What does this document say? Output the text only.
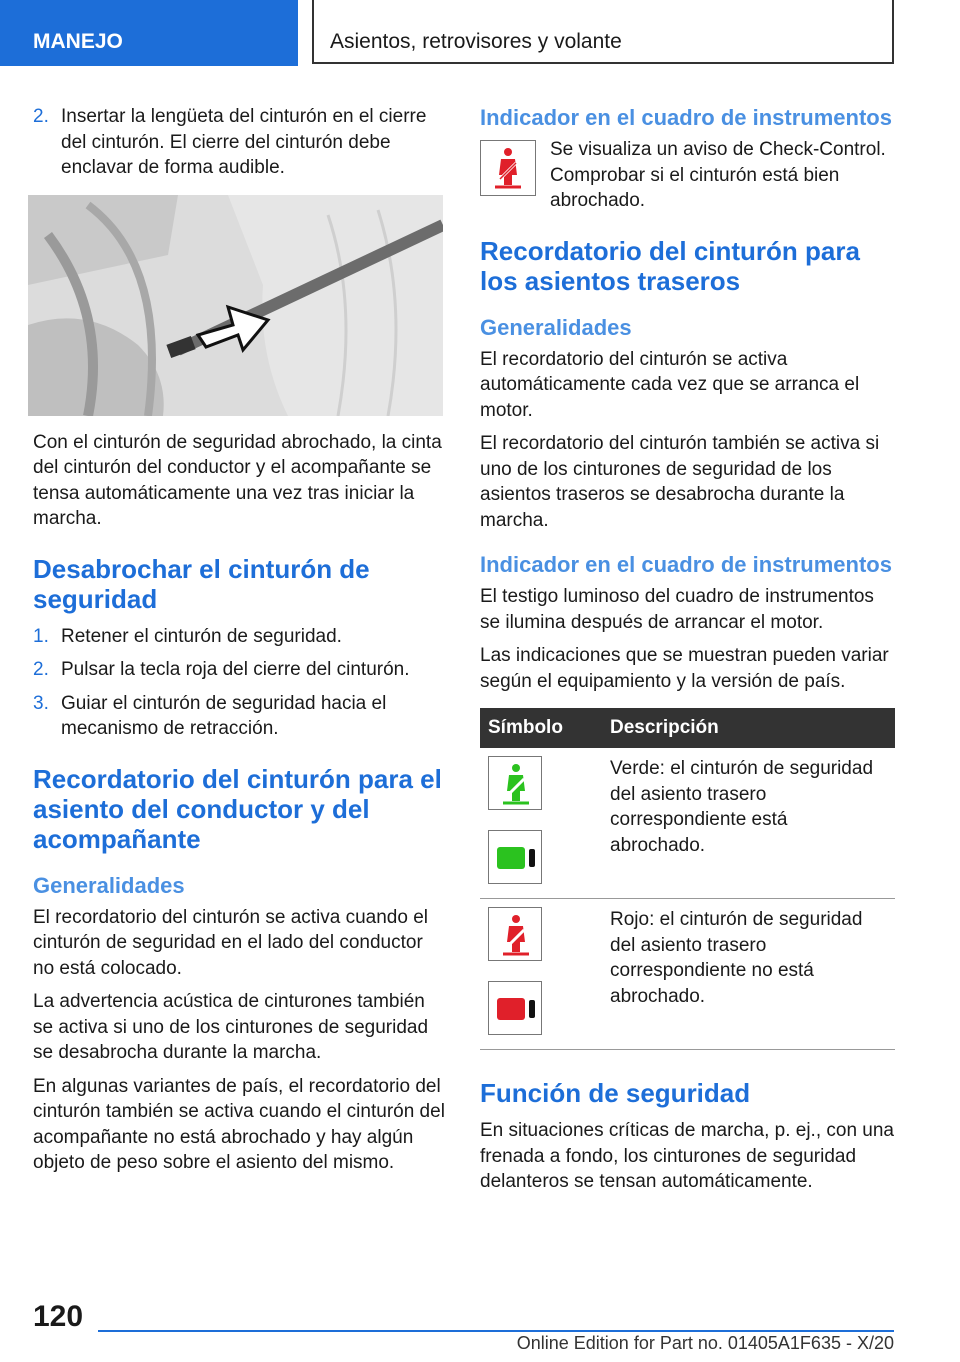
MANEJO	Asientos, retrovisores y volante
2. Insertar la lengüeta del cinturón en el cierre del cinturón. El cierre del cinturón debe enclavar de forma audible.

Con el cinturón de seguridad abrochado, la cinta del cinturón del conductor y el acompañante se tensa automáticamente una vez tras iniciar la marcha.

Desabrochar el cinturón de seguridad
1. Retener el cinturón de seguridad.
2. Pulsar la tecla roja del cierre del cinturón.
3. Guiar el cinturón de seguridad hacia el mecanismo de retracción.
Recordatorio del cinturón para el asiento del conductor y del acompañante
Generalidades

El recordatorio del cinturón se activa cuando el cinturón de seguridad en el lado del conductor no está colocado.

La advertencia acústica de cinturones también se activa si uno de los cinturones de seguridad se desabrocha durante la marcha.

En algunas variantes de país, el recordatorio del cinturón también se activa cuando el cinturón del acompañante no está abrochado y hay algún objeto de peso sobre el asiento del mismo.

Indicador en el cuadro de instrumentos
Se visualiza un aviso de Check-Control. Comprobar si el cinturón está bien abrochado.
Recordatorio del cinturón para los asientos traseros
Generalidades

El recordatorio del cinturón se activa automáticamente cada vez que se arranca el motor.

El recordatorio del cinturón también se activa si uno de los cinturones de seguridad de los asientos traseros se desabrocha durante la marcha.

Indicador en el cuadro de instrumentos

El testigo luminoso del cuadro de instrumentos se ilumina después de arrancar el motor.

Las indicaciones que se muestran pueden variar según el equipamiento y la versión de país.

Símbolo	Descripción

	Verde: el cinturón de seguridad del asiento trasero correspondiente está abrochado.

	Rojo: el cinturón de seguridad del asiento trasero correspondiente no está abrochado.
Función de seguridad

En situaciones críticas de marcha, p. ej., con una frenada a fondo, los cinturones de seguridad delanteros se tensan automáticamente.

120
Online Edition for Part no. 01405A1F635 - X/20
